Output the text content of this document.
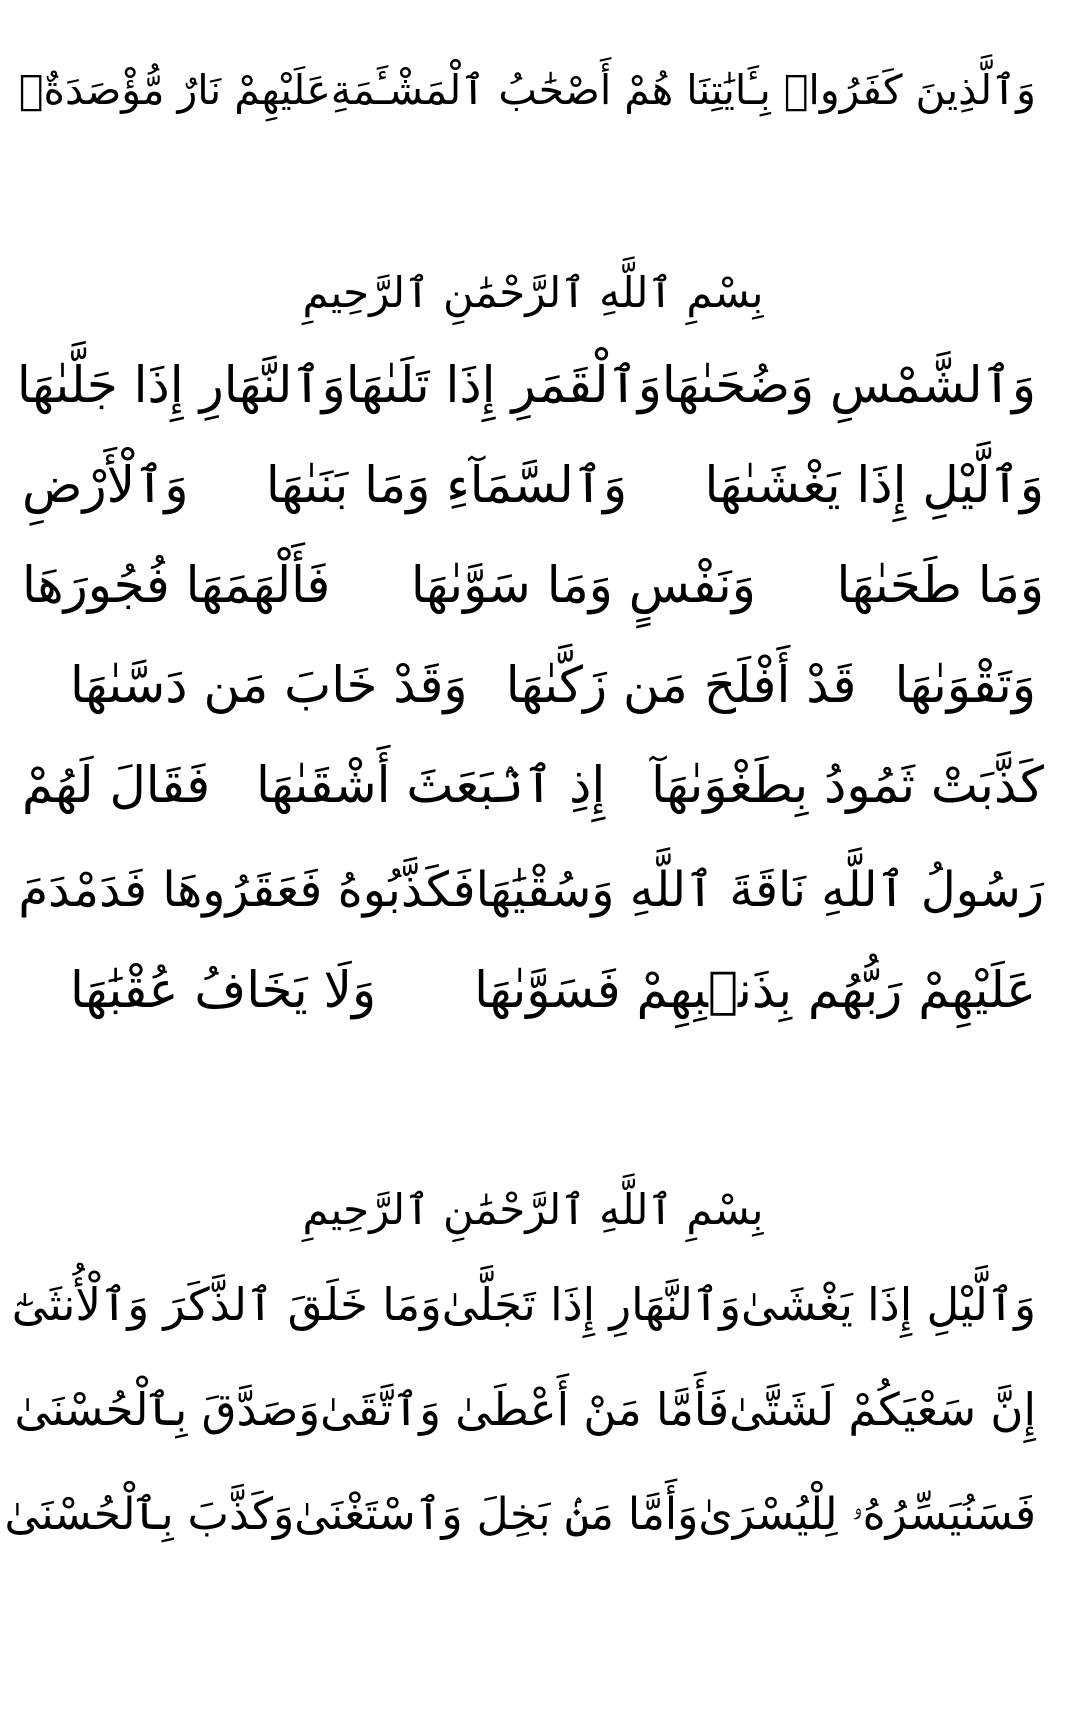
وَٱلَّذِينَ كَفَرُوا۟ بِـَٔايَٰتِنَا هُمْ أَصْحَٰبُ ٱلْمَشْـَٔمَةِ
عَلَيْهِمْ نَارٌ مُّؤْصَدَةٌۢ
بِسْمِ ٱللَّهِ ٱلرَّحْمَٰنِ ٱلرَّحِيمِ
وَٱلشَّمْسِ وَضُحَىٰهَا
وَٱلْقَمَرِ إِذَا تَلَىٰهَا
وَٱلنَّهَارِ إِذَا جَلَّىٰهَا
وَٱلَّيْلِ إِذَا يَغْشَىٰهَا
وَٱلسَّمَآءِ وَمَا بَنَىٰهَا
وَٱلْأَرْضِ
وَمَا طَحَىٰهَا
وَنَفْسٍ وَمَا سَوَّىٰهَا
فَأَلْهَمَهَا فُجُورَهَا
وَتَقْوَىٰهَا
قَدْ أَفْلَحَ مَن زَكَّىٰهَا
وَقَدْ خَابَ مَن دَسَّىٰهَا
كَذَّبَتْ ثَمُودُ بِطَغْوَىٰهَآ
إِذِ ٱنۢبَعَثَ أَشْقَىٰهَا
فَقَالَ لَهُمْ
رَسُولُ ٱللَّهِ نَاقَةَ ٱللَّهِ وَسُقْيَٰهَا
فَكَذَّبُوهُ فَعَقَرُوهَا فَدَمْدَمَ
عَلَيْهِمْ رَبُّهُم بِذَنۢبِهِمْ فَسَوَّىٰهَا
وَلَا يَخَافُ عُقْبَٰهَا
بِسْمِ ٱللَّهِ ٱلرَّحْمَٰنِ ٱلرَّحِيمِ
وَٱلَّيْلِ إِذَا يَغْشَىٰ
وَٱلنَّهَارِ إِذَا تَجَلَّىٰ
وَمَا خَلَقَ ٱلذَّكَرَ وَٱلْأُنثَىٰٓ
إِنَّ سَعْيَكُمْ لَشَتَّىٰ
فَأَمَّا مَنْ أَعْطَىٰ وَٱتَّقَىٰ
وَصَدَّقَ بِٱلْحُسْنَىٰ
فَسَنُيَسِّرُهُۥ لِلْيُسْرَىٰ
وَأَمَّا مَنۢ بَخِلَ وَٱسْتَغْنَىٰ
وَكَذَّبَ بِٱلْحُسْنَىٰ
